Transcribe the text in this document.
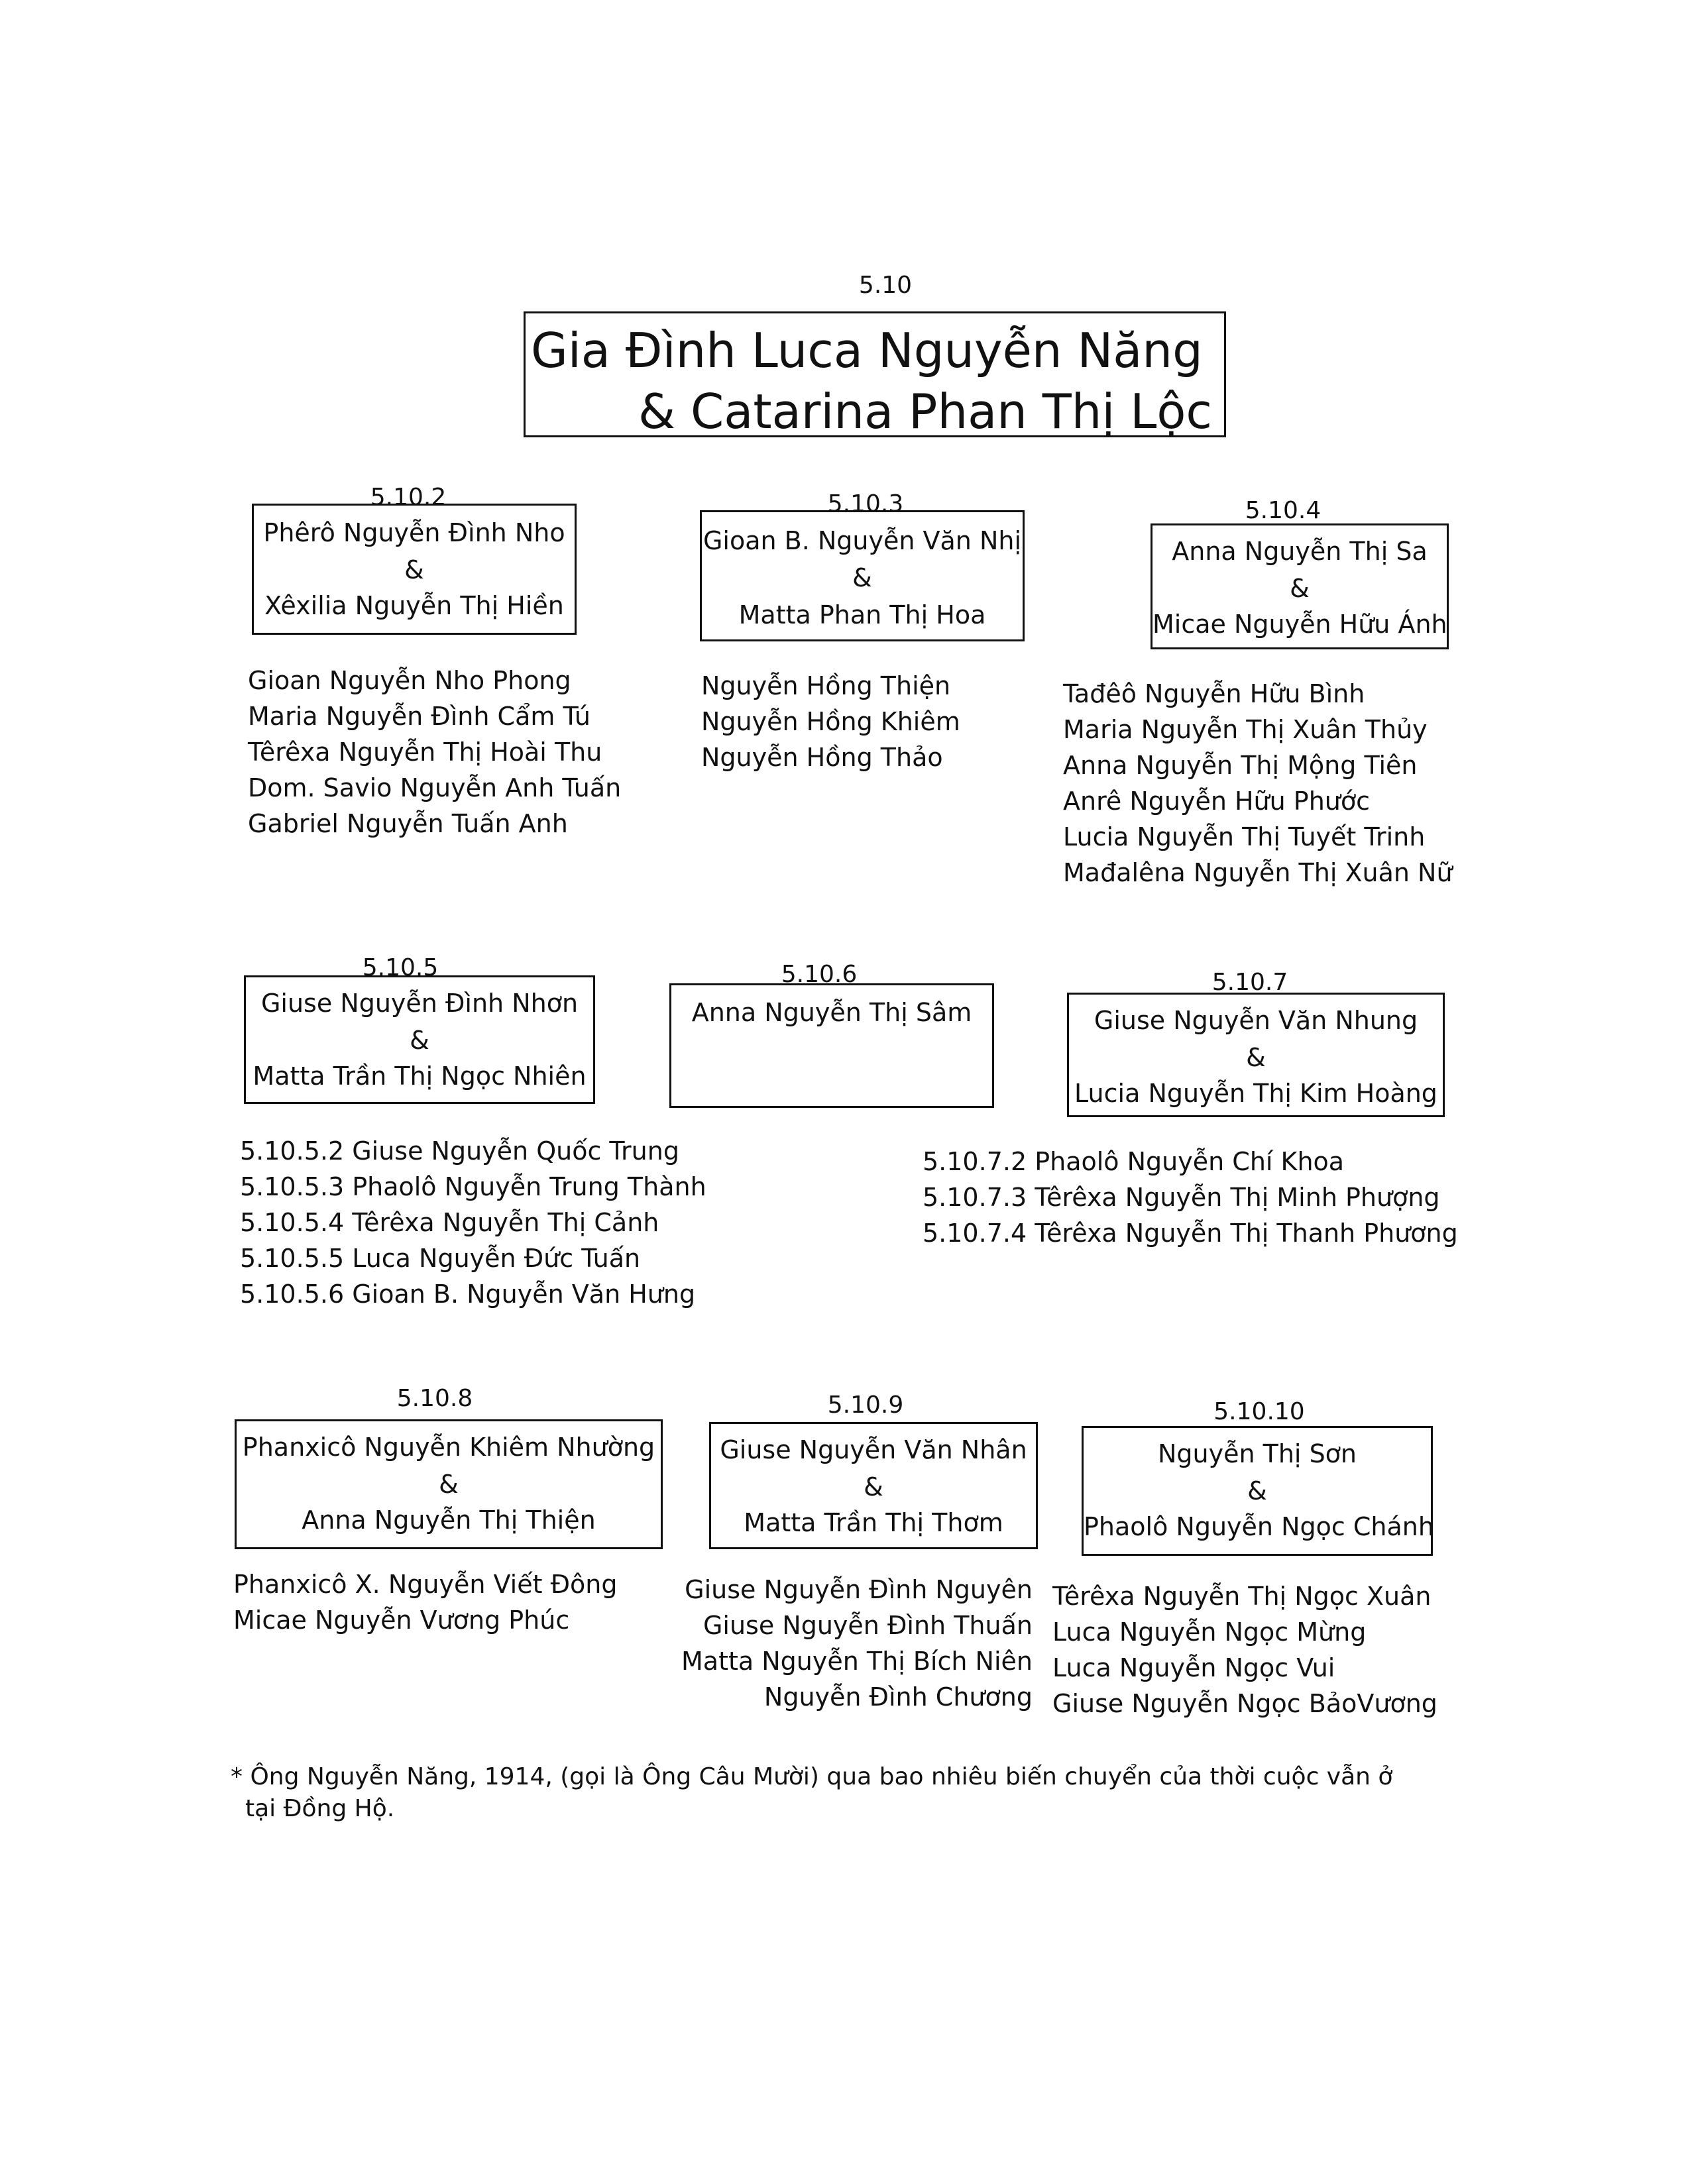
5.10
Gia Đình Luca Nguyễn Năng
& Catarina Phan Thị Lộc
5.10.2
Phêrô Nguyễn Đình Nho
&
Xêxilia Nguyễn Thị Hiền
Gioan Nguyễn Nho Phong
Maria Nguyễn Đình Cẩm Tú
Têrêxa Nguyễn Thị Hoài Thu
Dom. Savio Nguyễn Anh Tuấn
Gabriel Nguyễn Tuấn Anh
5.10.3
Gioan B. Nguyễn Văn Nhị
&
Matta Phan Thị Hoa
Nguyễn Hồng Thiện
Nguyễn Hồng Khiêm
Nguyễn Hồng Thảo
5.10.4
Anna Nguyễn Thị Sa
&
Micae Nguyễn Hữu Ánh
Tađêô Nguyễn Hữu Bình
Maria Nguyễn Thị Xuân Thủy
Anna Nguyễn Thị Mộng Tiên
Anrê Nguyễn Hữu Phước
Lucia Nguyễn Thị Tuyết Trinh
Mađalêna Nguyễn Thị Xuân Nữ
5.10.5
Giuse Nguyễn Đình Nhơn
&
Matta Trần Thị Ngọc Nhiên
5.10.5.2 Giuse Nguyễn Quốc Trung
5.10.5.3 Phaolô Nguyễn Trung Thành
5.10.5.4 Têrêxa Nguyễn Thị Cảnh
5.10.5.5 Luca Nguyễn Đức Tuấn
5.10.5.6 Gioan B. Nguyễn Văn Hưng
5.10.6
Anna Nguyễn Thị Sâm
5.10.7
Giuse Nguyễn Văn Nhung
&
Lucia Nguyễn Thị Kim Hoàng
5.10.7.2 Phaolô Nguyễn Chí Khoa
5.10.7.3 Têrêxa Nguyễn Thị Minh Phượng
5.10.7.4 Têrêxa Nguyễn Thị Thanh Phương
5.10.8
Phanxicô Nguyễn Khiêm Nhường
&
Anna Nguyễn Thị Thiện
Phanxicô X. Nguyễn Viết Đông
Micae Nguyễn Vương Phúc
5.10.9
Giuse Nguyễn Văn Nhân
&
Matta Trần Thị Thơm
Giuse Nguyễn Đình Nguyên
Giuse Nguyễn Đình Thuấn
Matta Nguyễn Thị Bích Niên
Nguyễn Đình Chương
5.10.10
Nguyễn Thị Sơn
&
Phaolô Nguyễn Ngọc Chánh
Têrêxa Nguyễn Thị Ngọc Xuân
Luca Nguyễn Ngọc Mừng
Luca Nguyễn Ngọc Vui
Giuse Nguyễn Ngọc BảoVương
* Ông Nguyễn Năng, 1914, (gọi là Ông Câu Mười) qua bao nhiêu biến chuyển của thời cuộc vẫn ở
tại Đồng Hộ.
